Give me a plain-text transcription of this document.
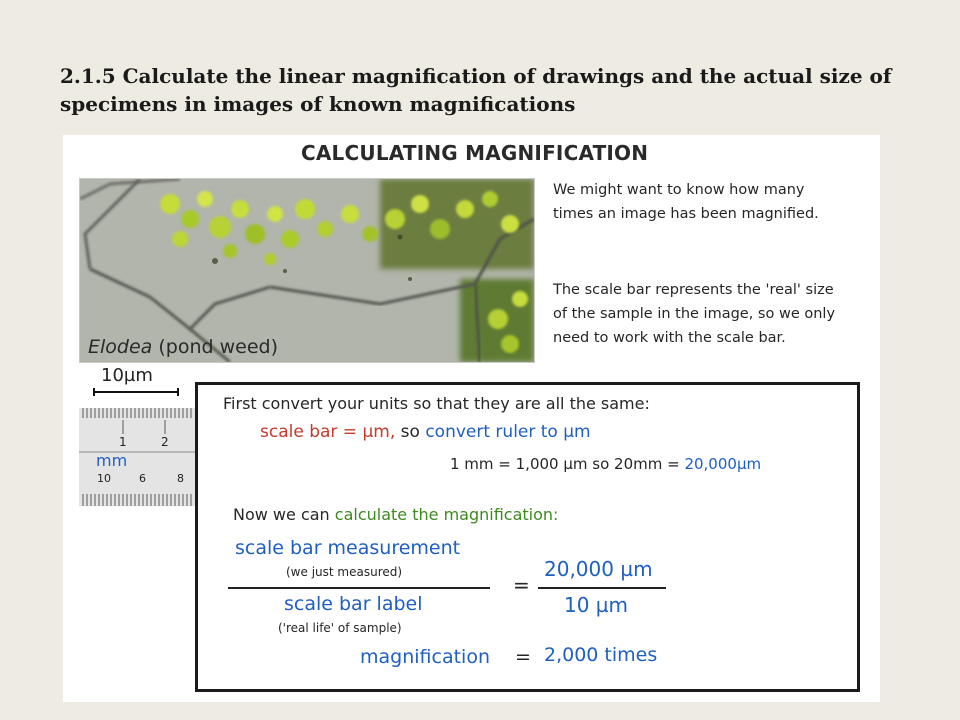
2.1.5 Calculate the linear magnification of drawings and the actual size of specimens in images of known magnifications
CALCULATING MAGNIFICATION
Elodea (pond weed)
We might want to know how many times an image has been magnified.
The scale bar represents the 'real' size of the sample in the image, so we only need to work with the scale bar.
10µm
1	2
mm
10	6	8
First convert your units so that they are all the same:
scale bar = µm, so convert ruler to µm
1 mm = 1,000 µm so 20mm = 20,000µm
Now we can calculate the magnification:
scale bar measurement
(we just measured)
scale bar label
('real life' of sample)
=
20,000 µm
10 µm
magnification = 2,000 times
